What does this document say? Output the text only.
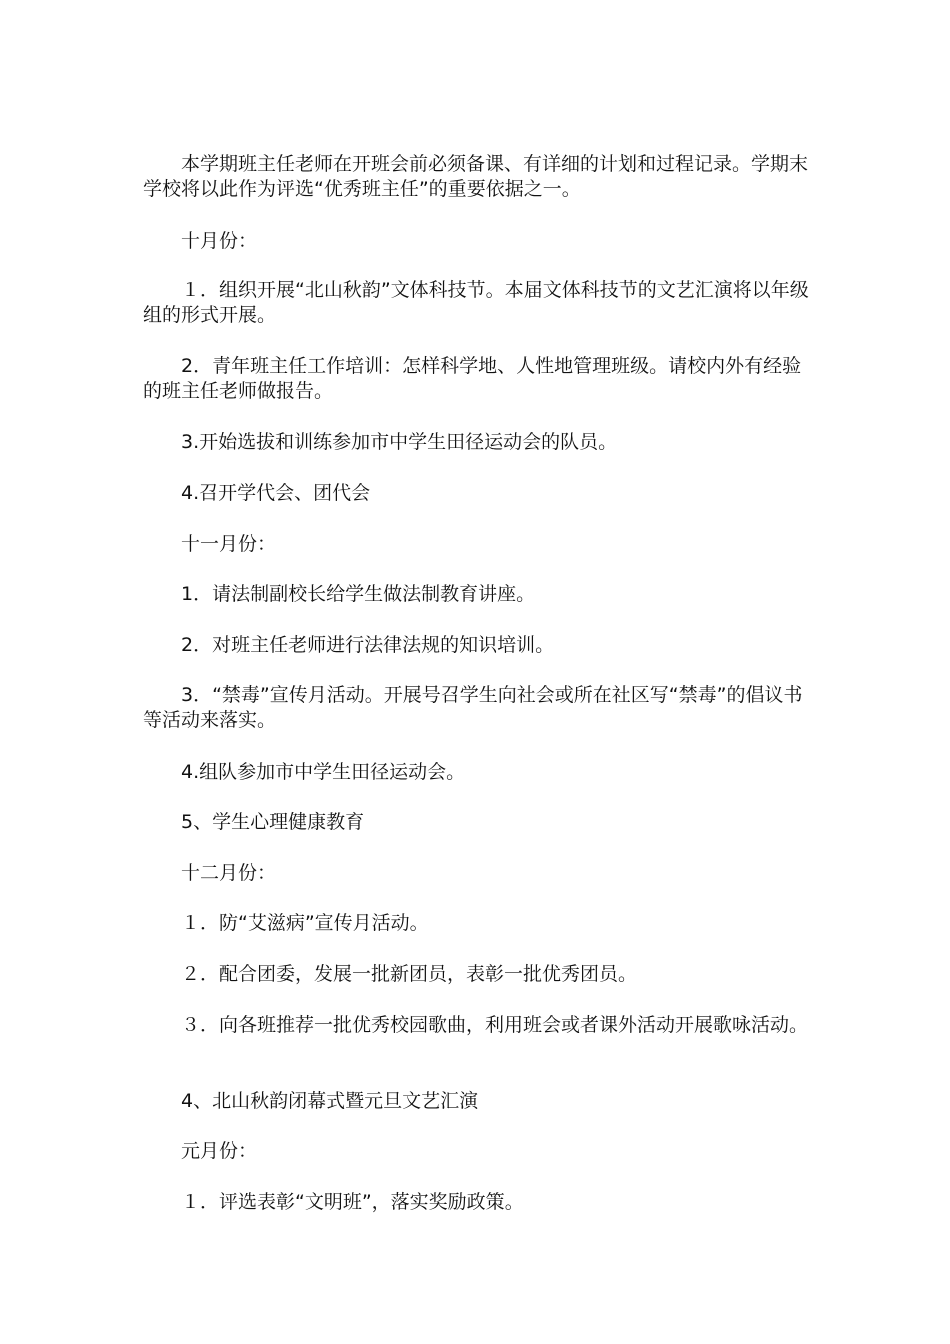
本学期班主任老师在开班会前必须备课、有详细的计划和过程记录。学期末学校将以此作为评选“优秀班主任”的重要依据之一。

十月份：

１．组织开展“北山秋韵”文体科技节。本届文体科技节的文艺汇演将以年级组的形式开展。

2．青年班主任工作培训：怎样科学地、人性地管理班级。请校内外有经验的班主任老师做报告。

3.开始选拔和训练参加市中学生田径运动会的队员。

4.召开学代会、团代会

十一月份：

1．请法制副校长给学生做法制教育讲座。

2．对班主任老师进行法律法规的知识培训。

3．“禁毒”宣传月活动。开展号召学生向社会或所在社区写“禁毒”的倡议书等活动来落实。

4.组队参加市中学生田径运动会。

5、学生心理健康教育

十二月份：

１．防“艾滋病”宣传月活动。

２．配合团委，发展一批新团员，表彰一批优秀团员。

３．向各班推荐一批优秀校园歌曲，利用班会或者课外活动开展歌咏活动。

4、北山秋韵闭幕式暨元旦文艺汇演

元月份：

１．评选表彰“文明班”，落实奖励政策。
